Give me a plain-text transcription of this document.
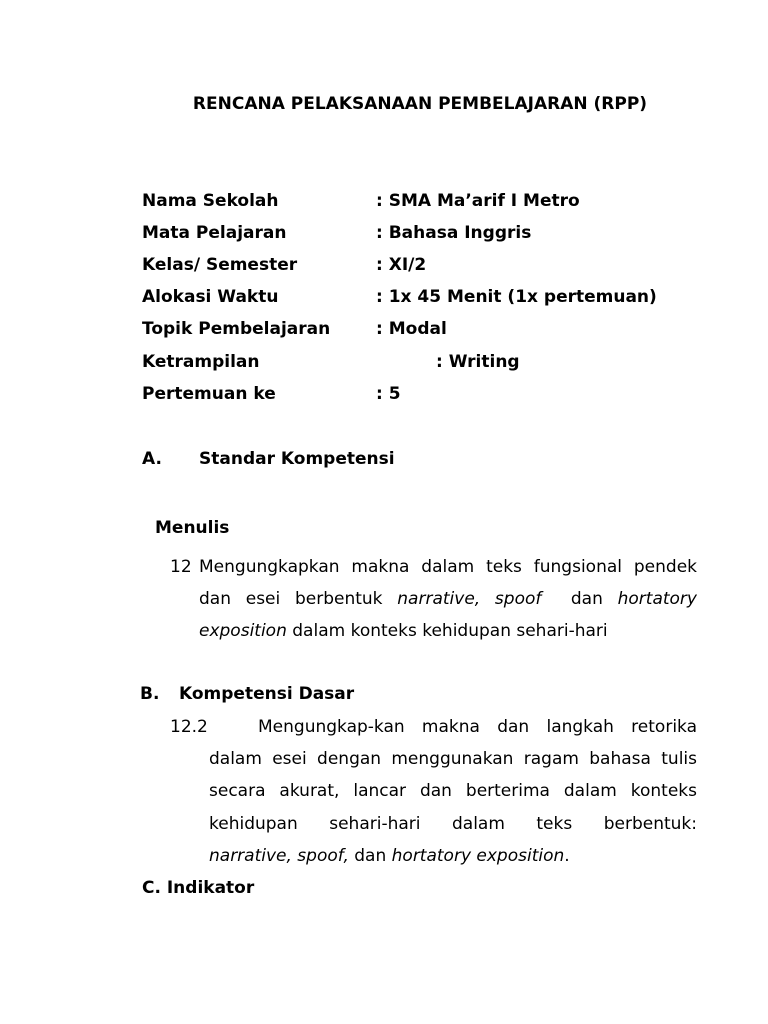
RENCANA PELAKSANAAN PEMBELAJARAN (RPP)
Nama Sekolah	: SMA Ma’arif I Metro
Mata Pelajaran	: Bahasa Inggris
Kelas/ Semester	: XI/2
Alokasi Waktu	: 1x 45 Menit (1x pertemuan)
Topik Pembelajaran	: Modal
Ketrampilan	: Writing
Pertemuan ke	: 5
A. Standar Kompetensi
Menulis
12 Mengungkapkan makna dalam teks fungsional pendek
dan esei berbentuk narrative, spoof dan hortatory
exposition dalam konteks kehidupan sehari-hari
B. Kompetensi Dasar
12.2	Mengungkap-kan makna dan langkah retorika
dalam esei dengan menggunakan ragam bahasa tulis
secara akurat, lancar dan berterima dalam konteks
kehidupan sehari-hari dalam teks berbentuk:
narrative, spoof, dan hortatory exposition.
C. Indikator
